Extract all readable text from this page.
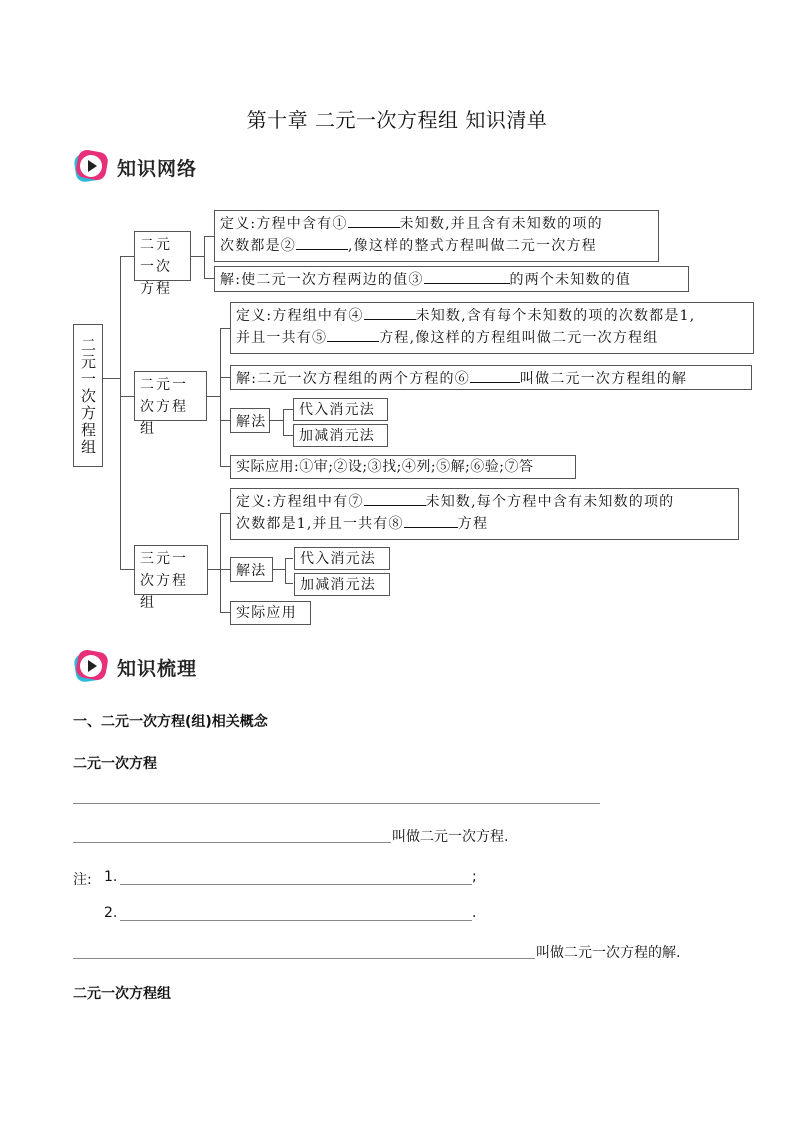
第十章 二元一次方程组 知识清单
知识网络
二元一次方程组
二元一次方程
定义:方程中含有①	未知数,并且含有未知数的项的
次数都是②	,像这样的整式方程叫做二元一次方程
解:使二元一次方程两边的值③	的两个未知数的值
二元一次方程组
定义:方程组中有④	未知数,含有每个未知数的项的次数都是1,
并且一共有⑤	方程,像这样的方程组叫做二元一次方程组
解:二元一次方程组的两个方程的⑥	叫做二元一次方程组的解
解法
代入消元法
加减消元法
实际应用:①审;②设;③找;④列;⑤解;⑥验;⑦答
三元一次方程组
定义:方程组中有⑦	未知数,每个方程中含有未知数的项的
次数都是1,并且一共有⑧	方程
解法
代入消元法
加减消元法
实际应用
知识梳理
一、二元一次方程(组)相关概念
二元一次方程
叫做二元一次方程.
注: 1.	;
2.	.
叫做二元一次方程的解.
二元一次方程组
